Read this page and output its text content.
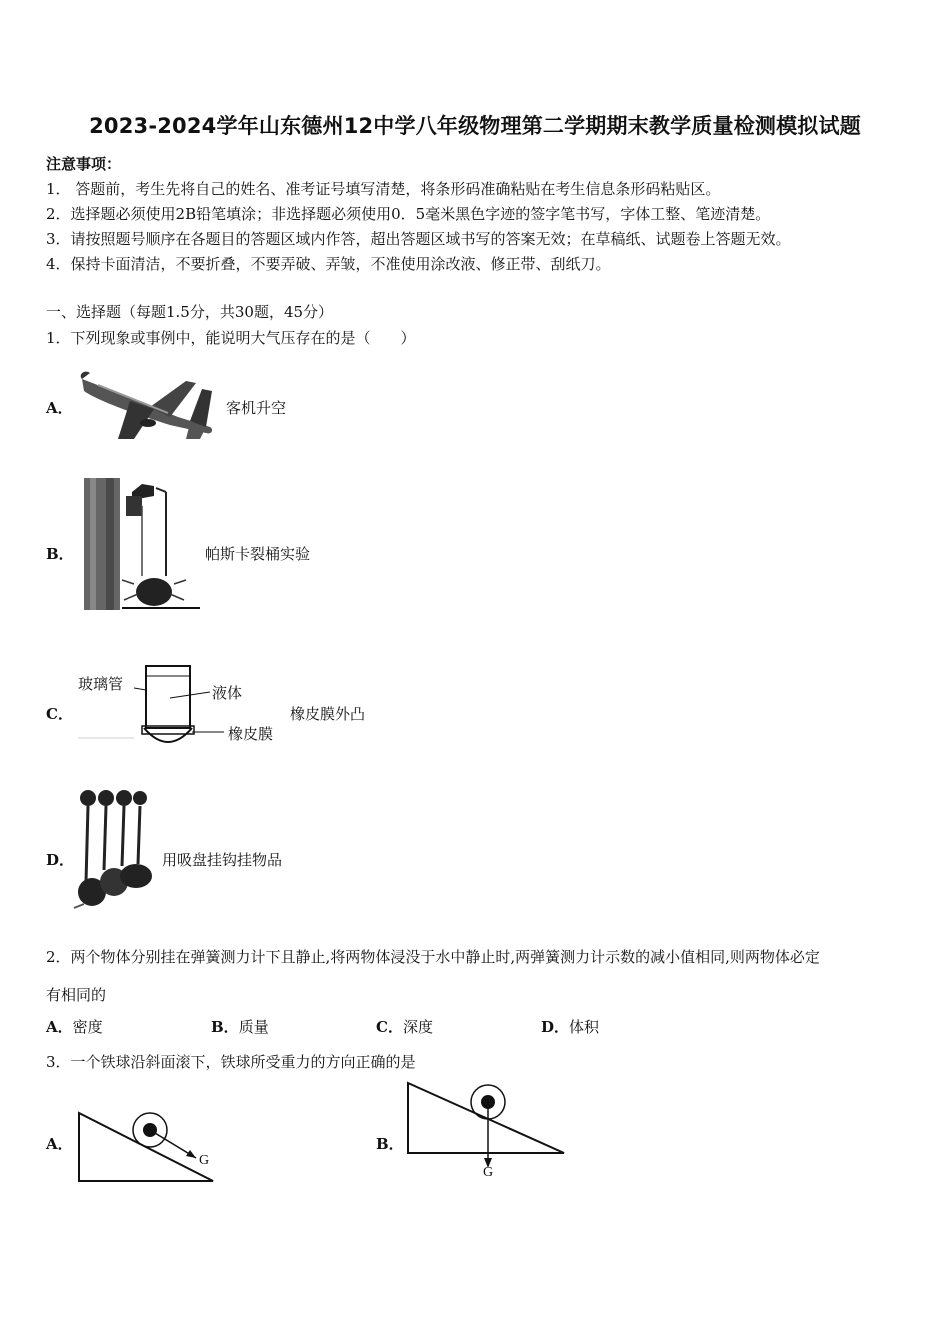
2023-2024学年山东德州12中学八年级物理第二学期期末教学质量检测模拟试题
注意事项：
1． 答题前，考生先将自己的姓名、准考证号填写清楚，将条形码准确粘贴在考生信息条形码粘贴区。
2．选择题必须使用2B铅笔填涂；非选择题必须使用0．5毫米黑色字迹的签字笔书写，字体工整、笔迹清楚。
3．请按照题号顺序在各题目的答题区域内作答，超出答题区域书写的答案无效；在草稿纸、试题卷上答题无效。
4．保持卡面清洁，不要折叠，不要弄破、弄皱，不准使用涂改液、修正带、刮纸刀。
一、选择题（每题1.5分，共30题，45分）
1．下列现象或事例中，能说明大气压存在的是（　　）
A．	客机升空
B．	帕斯卡裂桶实验
C．
玻璃管	液体
橡皮膜
橡皮膜外凸
D．	用吸盘挂钩挂物品
2．两个物体分别挂在弹簧测力计下且静止,将两物体浸没于水中静止时,两弹簧测力计示数的减小值相同,则两物体必定
有相同的
A．密度	B．质量	C．深度	D．体积
3．一个铁球沿斜面滚下，铁球所受重力的方向正确的是
A．
G
B．
G
